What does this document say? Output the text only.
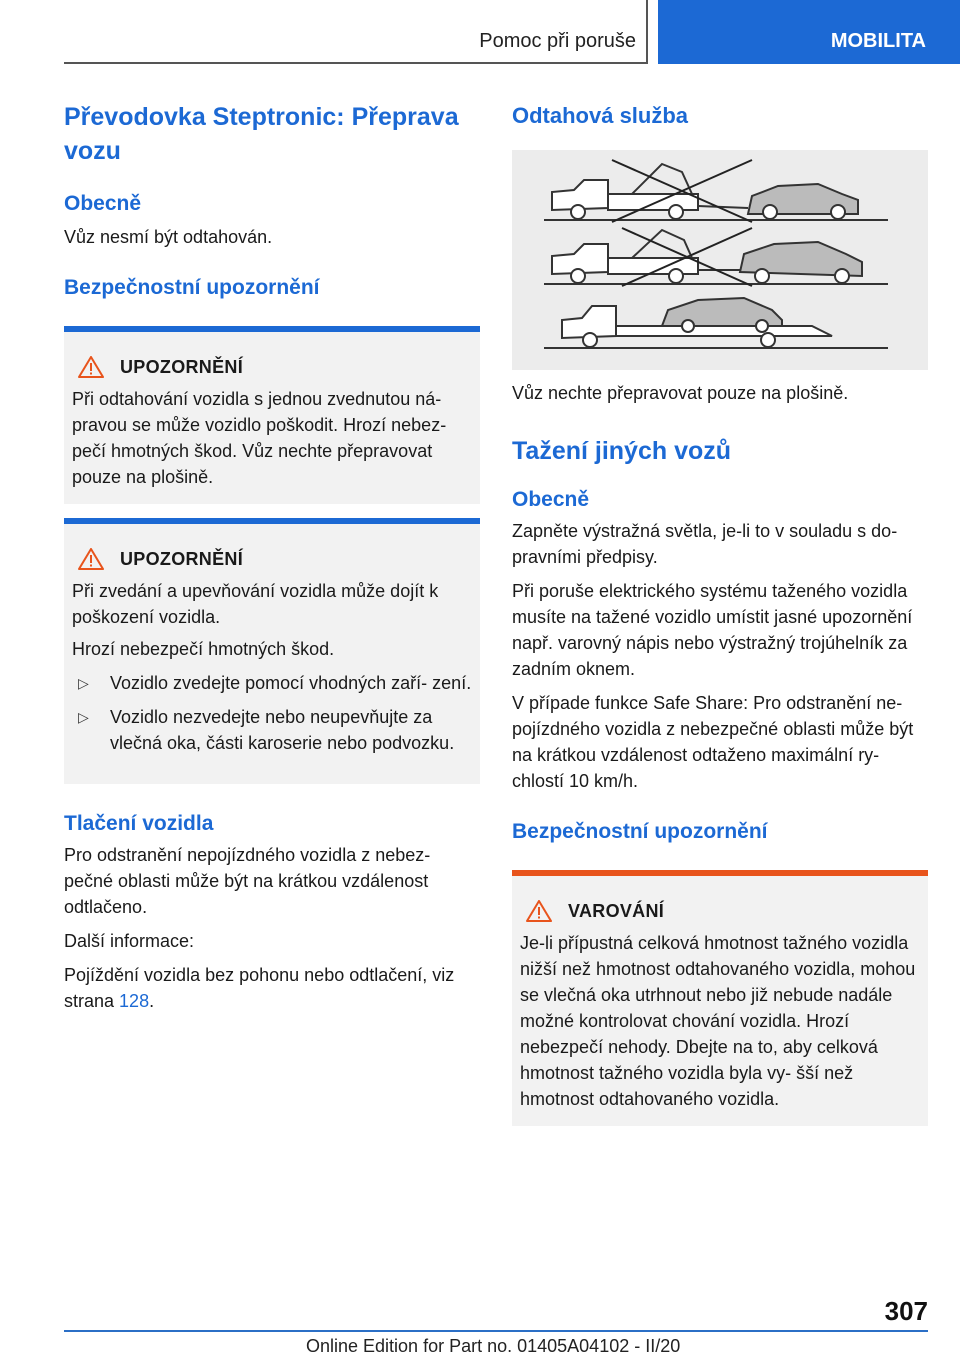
Pomoc při poruše	MOBILITA
Převodovka Steptronic: Přeprava vozu
Obecně

Vůz nesmí být odtahován.

Bezpečnostní upozornění
UPOZORNĚNÍ

Při odtahování vozidla s jednou zvednutou ná- pravou se může vozidlo poškodit. Hrozí nebez- pečí hmotných škod. Vůz nechte přepravovat pouze na plošině.

UPOZORNĚNÍ

Při zvedání a upevňování vozidla může dojít k poškození vozidla.

Hrozí nebezpečí hmotných škod.

▷	Vozidlo zvedejte pomocí vhodných zaří- zení.

▷	Vozidlo nezvedejte nebo neupevňujte za vlečná oka, části karoserie nebo podvozku.

Tlačení vozidla

Pro odstranění nepojízdného vozidla z nebez- pečné oblasti může být na krátkou vzdálenost odtlačeno.

Další informace:

Pojíždění vozidla bez pohonu nebo odtlačení, viz strana 128.

Odtahová služba

Vůz nechte přepravovat pouze na plošině.

Tažení jiných vozů
Obecně

Zapněte výstražná světla, je-li to v souladu s do- pravními předpisy.

Při poruše elektrického systému taženého vozidla musíte na tažené vozidlo umístit jasné upozornění např. varovný nápis nebo výstražný trojúhelník za zadním oknem.

V případe funkce Safe Share: Pro odstranění ne- pojízdného vozidla z nebezpečné oblasti může být na krátkou vzdálenost odtaženo maximální ry- chlostí 10 km/h.

Bezpečnostní upozornění
VAROVÁNÍ

Je-li přípustná celková hmotnost tažného vozidla nižší než hmotnost odtahovaného vozidla, mohou se vlečná oka utrhnout nebo již nebude nadále možné kontrolovat chování vozidla. Hrozí nebezpečí nehody. Dbejte na to, aby celková hmotnost tažného vozidla byla vy- šší než hmotnost odtahovaného vozidla.

307
Online Edition for Part no. 01405A04102 - II/20
